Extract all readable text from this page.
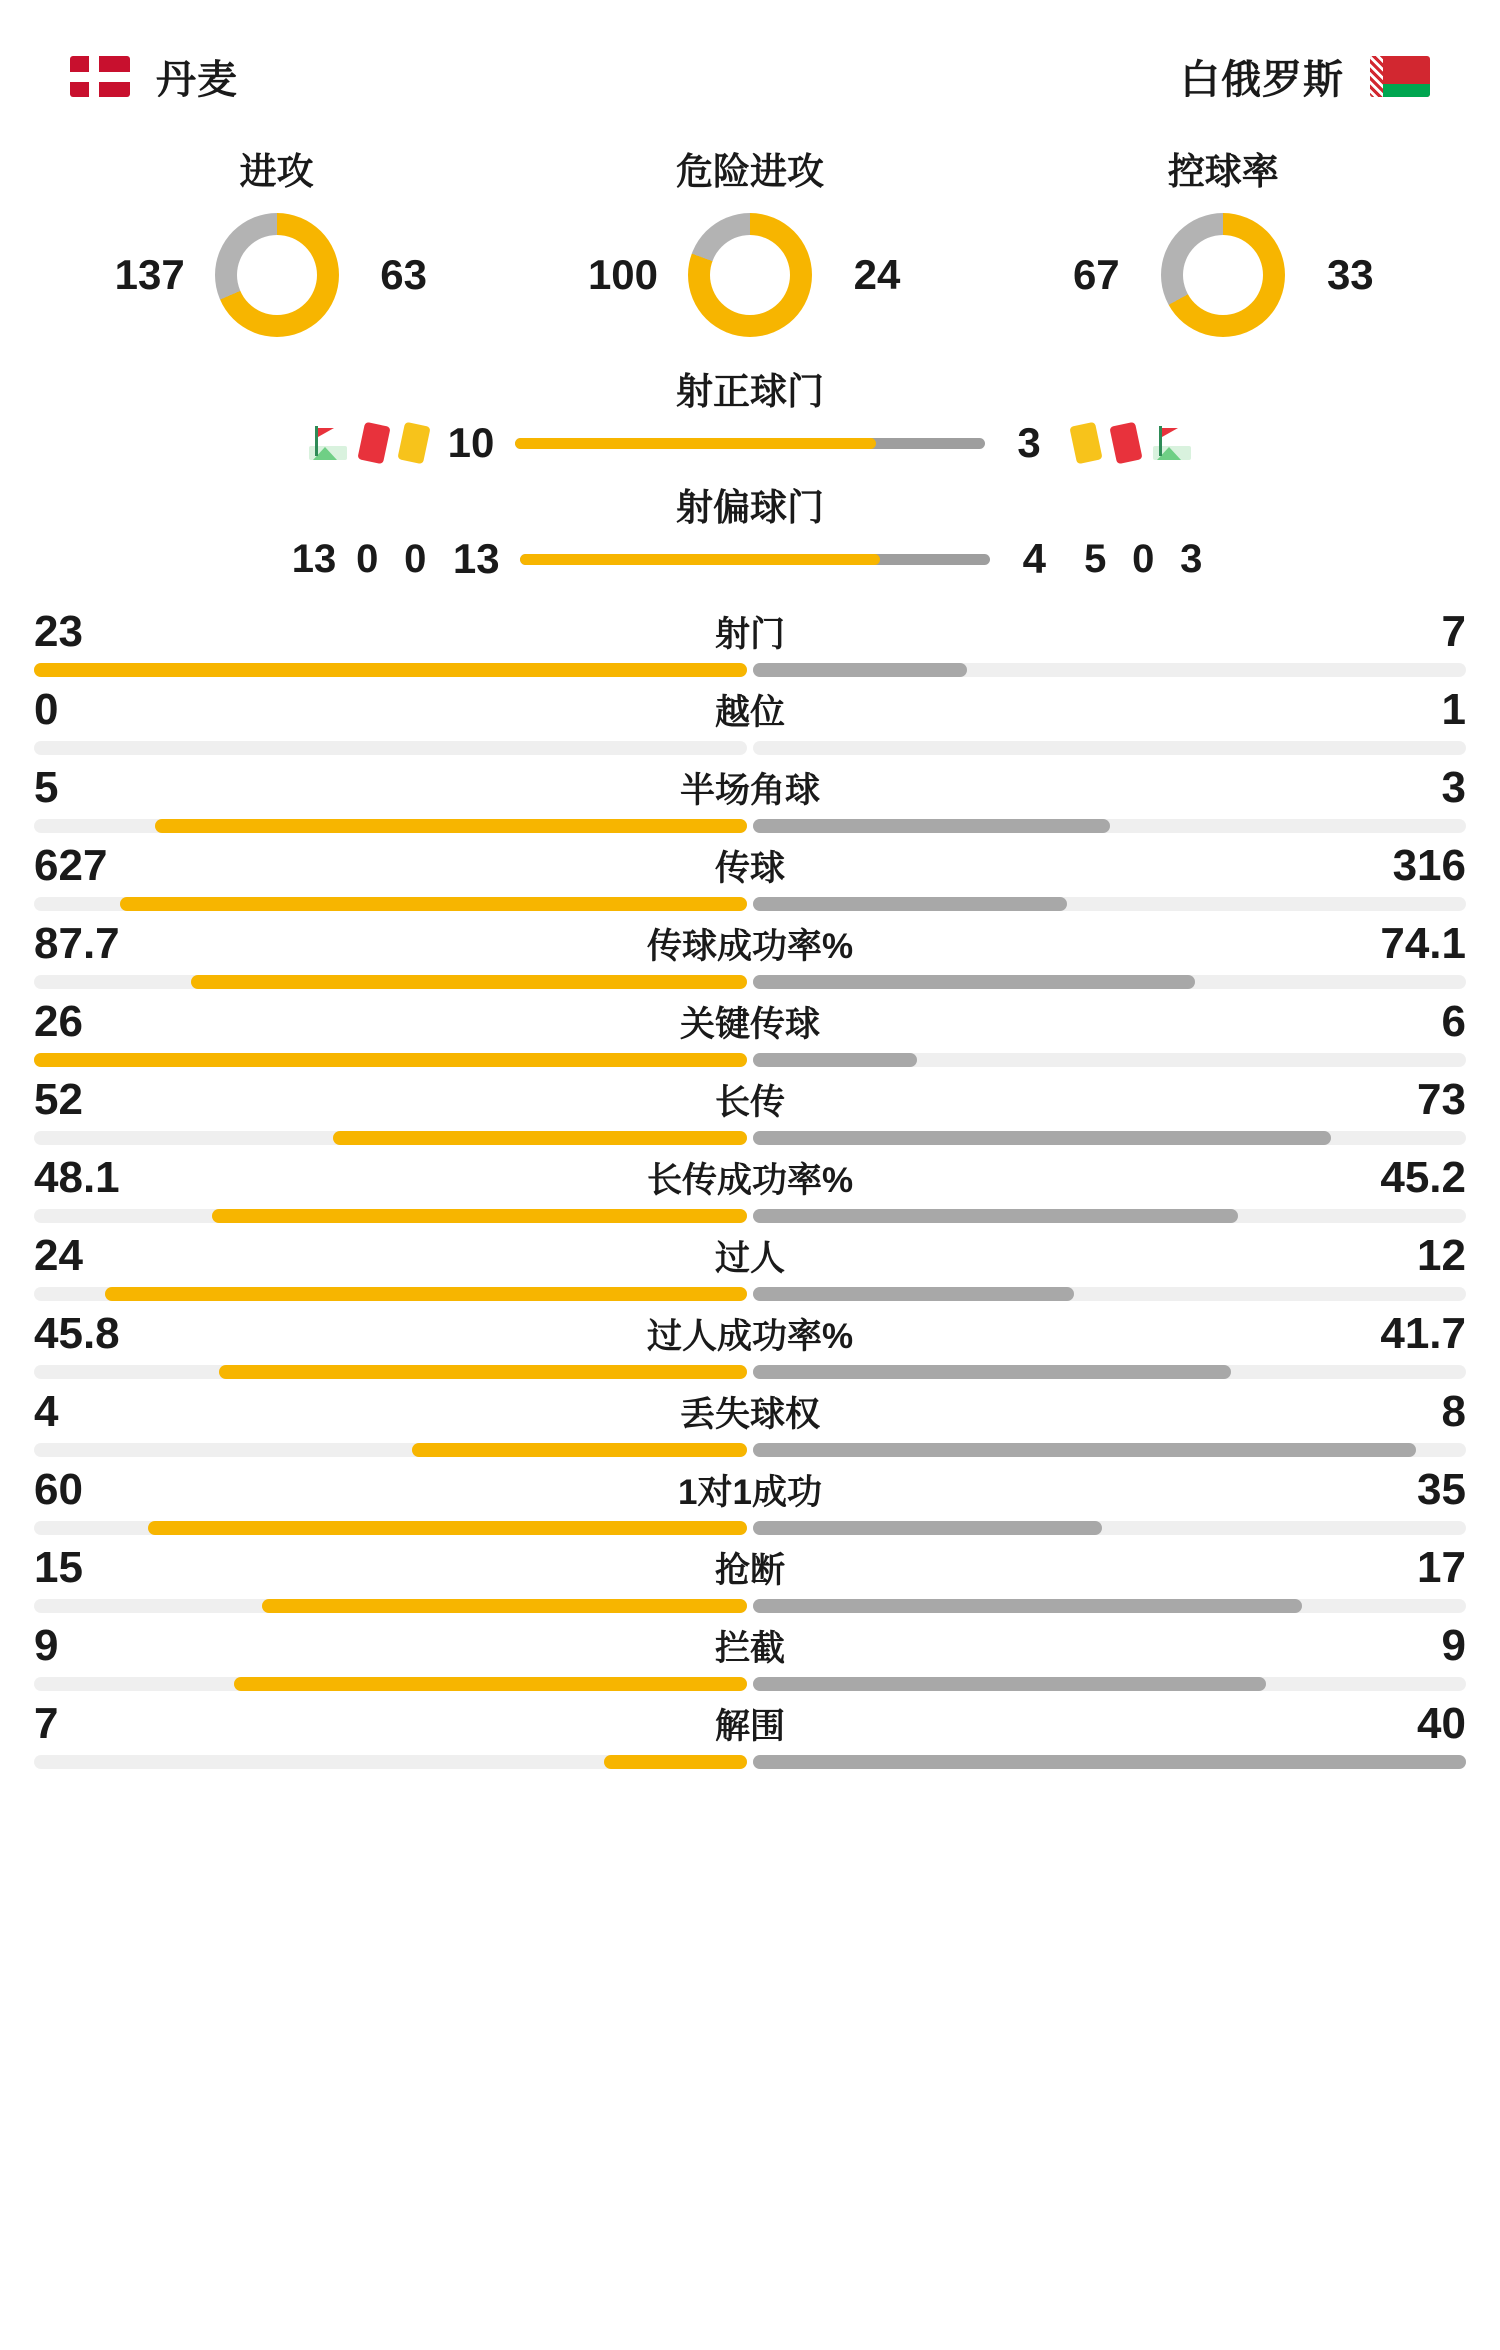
丹麦	白俄罗斯
进攻
137	63
危险进攻
100	24
控球率
67	33
射正球门
10	3
射偏球门
13 0 0 13	4 5 0 3
23	射门	7
0	越位	1
5	半场角球	3
627	传球	316
87.7	传球成功率%	74.1
26	关键传球	6
52	长传	73
48.1	长传成功率%	45.2
24	过人	12
45.8	过人成功率%	41.7
4	丢失球权	8
60	1对1成功	35
15	抢断	17
9	拦截	9
7	解围	40
